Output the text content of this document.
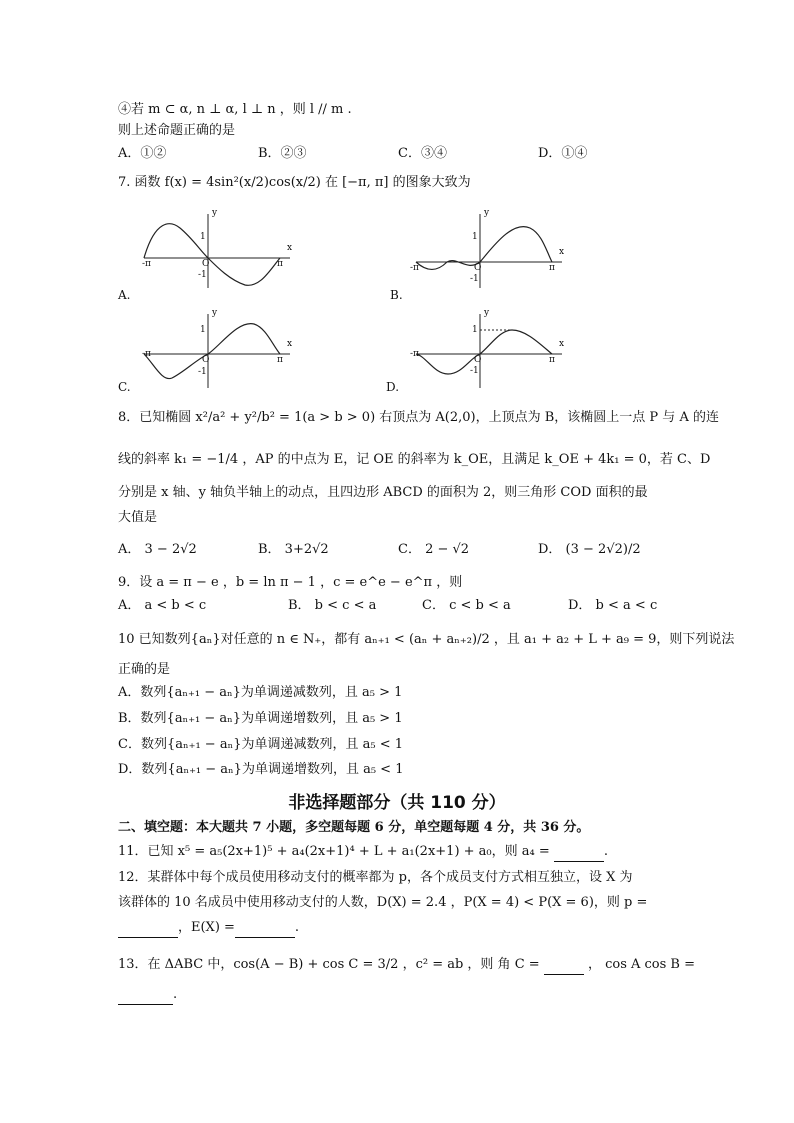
④若 m ⊂ α, n ⊥ α, l ⊥ n ，则 l // m .
则上述命题正确的是
A．①②	B．②③	C．③④	D．①④
7. 函数 f(x) = 4sin²(x/2)cos(x/2) 在 [−π, π] 的图象大致为
A.
y
x
1
-1
O
-π	π
B.
y
x
1
-1
O
-π	π
C.
y
x
1
-1
O
-π
π
D.
y
x
1
-1
O
-π
π
8．已知椭圆 x²/a² + y²/b² = 1(a > b > 0) 右顶点为 A(2,0)，上顶点为 B，该椭圆上一点 P 与 A 的连
线的斜率 k₁ = −1/4 ，AP 的中点为 E，记 OE 的斜率为 k_OE，且满足 k_OE + 4k₁ = 0，若 C、D
分别是 x 轴、y 轴负半轴上的动点，且四边形 ABCD 的面积为 2，则三角形 COD 面积的最
大值是
A． 3 − 2√2	B． 3+2√2	C． 2 − √2	D． (3 − 2√2)/2
9．设 a = π − e ，b = ln π − 1 ，c = e^e − e^π ，则
A． a < b < c	B． b < c < a	C． c < b < a	D． b < a < c
10 已知数列{aₙ}对任意的 n ∈ N₊，都有 aₙ₊₁ < (aₙ + aₙ₊₂)/2 ，且 a₁ + a₂ + L + a₉ = 9，则下列说法
正确的是
A．数列{aₙ₊₁ − aₙ}为单调递减数列，且 a₅ > 1
B．数列{aₙ₊₁ − aₙ}为单调递增数列，且 a₅ > 1
C．数列{aₙ₊₁ − aₙ}为单调递减数列，且 a₅ < 1
D．数列{aₙ₊₁ − aₙ}为单调递增数列，且 a₅ < 1
非选择题部分（共 110 分）
二、填空题：本大题共 7 小题，多空题每题 6 分，单空题每题 4 分，共 36 分。
11．已知 x⁵ = a₅(2x+1)⁵ + a₄(2x+1)⁴ + L + a₁(2x+1) + a₀，则 a₄ =	.
12．某群体中每个成员使用移动支付的概率都为 p，各个成员支付方式相互独立，设 X 为
该群体的 10 名成员中使用移动支付的人数，D(X) = 2.4 ，P(X = 4) < P(X = 6)，则 p =
，E(X) =	.
13．在 ΔABC 中，cos(A − B) + cos C = 3/2 ，c² = ab ，则 角 C =	， cos A cos B =
.
